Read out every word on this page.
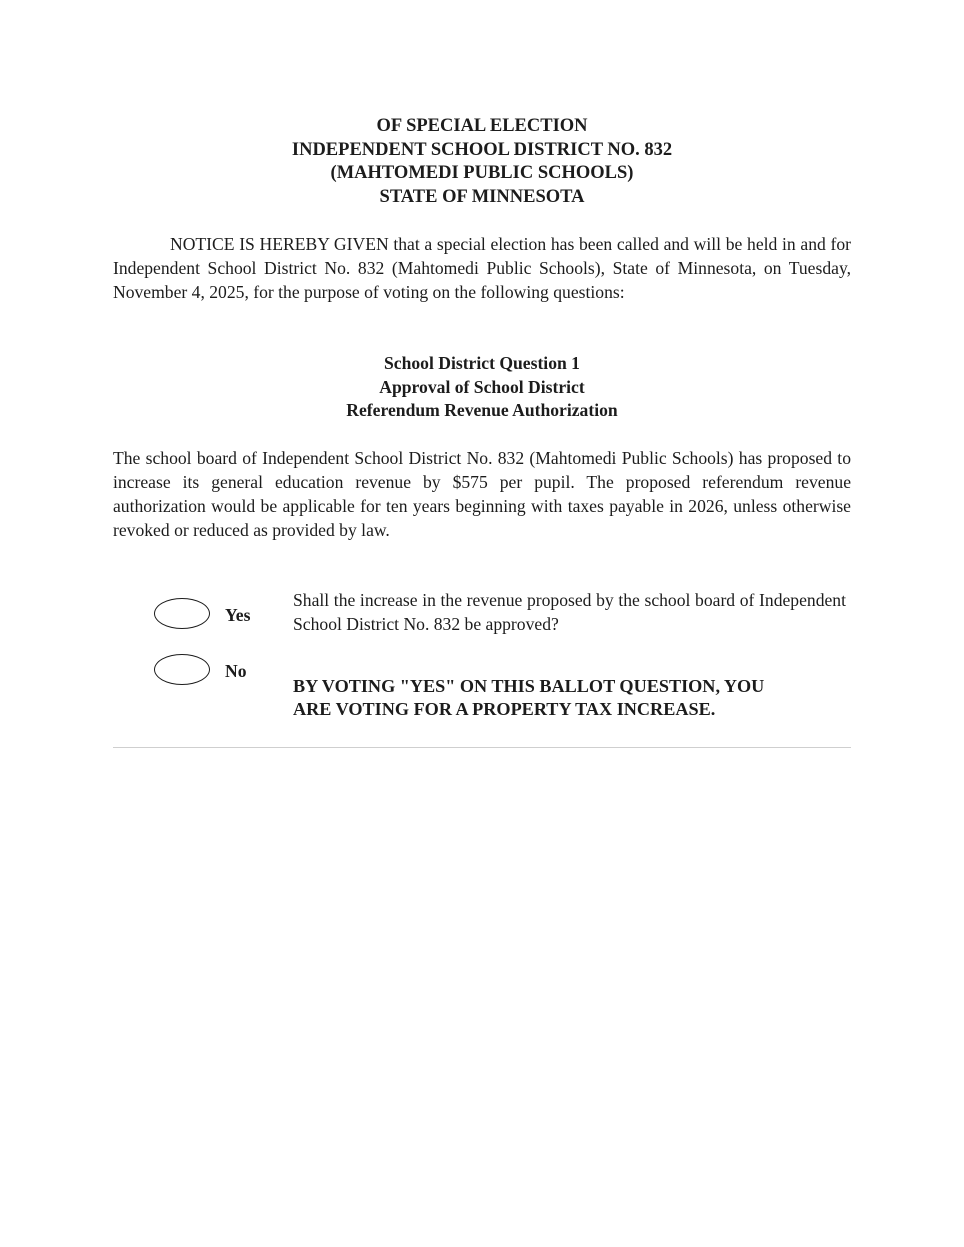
OF SPECIAL ELECTION
INDEPENDENT SCHOOL DISTRICT NO. 832
(MAHTOMEDI PUBLIC SCHOOLS)
STATE OF MINNESOTA

NOTICE IS HEREBY GIVEN that a special election has been called and will be held in and for Independent School District No. 832 (Mahtomedi Public Schools), State of Minnesota, on Tuesday, November 4, 2025, for the purpose of voting on the following questions:

School District Question 1
Approval of School District
Referendum Revenue Authorization

The school board of Independent School District No. 832 (Mahtomedi Public Schools) has proposed to increase its general education revenue by $575 per pupil. The proposed referendum revenue authorization would be applicable for ten years beginning with taxes payable in 2026, unless otherwise revoked or reduced as provided by law.

Yes
No

Shall the increase in the revenue proposed by the school board of Independent School District No. 832 be approved?

BY VOTING "YES" ON THIS BALLOT QUESTION, YOU
ARE VOTING FOR A PROPERTY TAX INCREASE.
